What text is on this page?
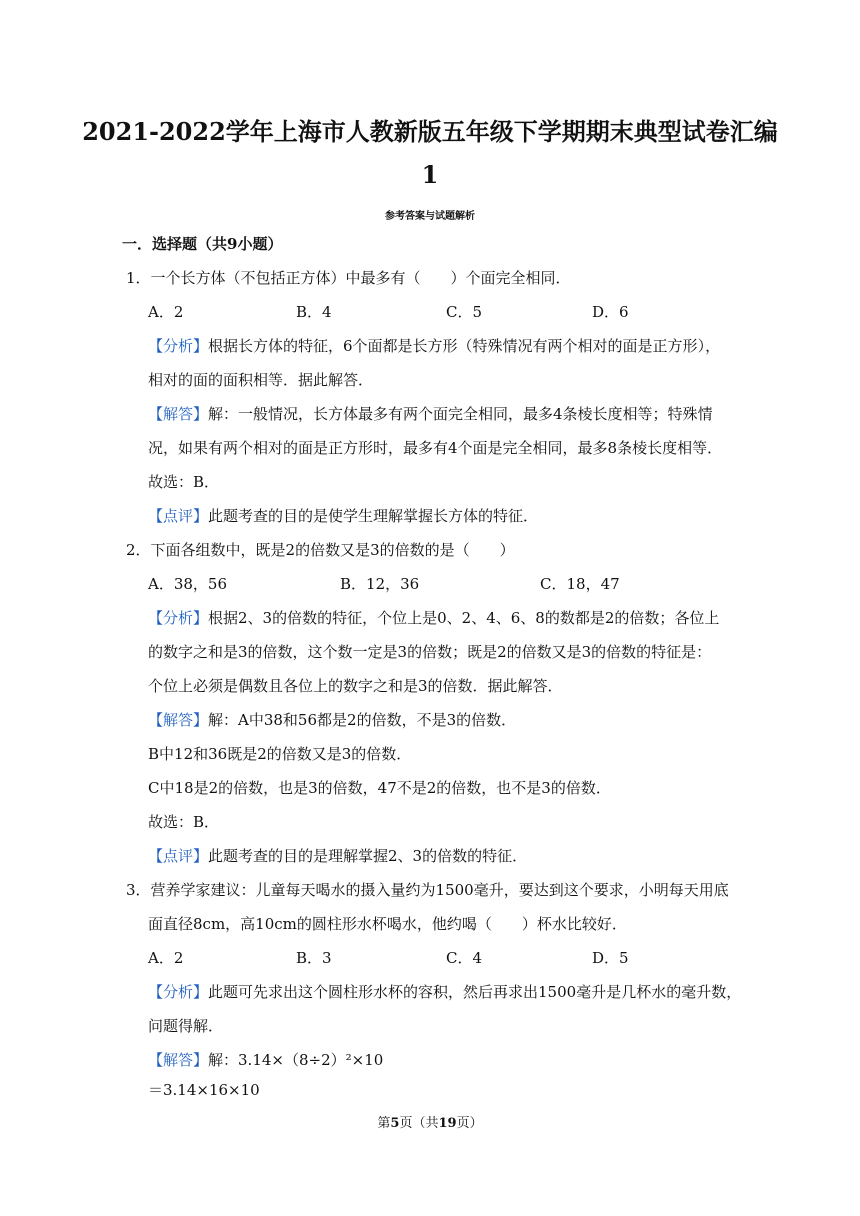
2021-2022学年上海市人教新版五年级下学期期末典型试卷汇编
1
参考答案与试题解析
一．选择题（共9小题）
1．一个长方体（不包括正方体）中最多有（　　）个面完全相同．
A．2	B．4	C．5	D．6
【分析】根据长方体的特征，6个面都是长方形（特殊情况有两个相对的面是正方形），
相对的面的面积相等．据此解答．
【解答】解：一般情况，长方体最多有两个面完全相同，最多4条棱长度相等；特殊情
况，如果有两个相对的面是正方形时，最多有4个面是完全相同，最多8条棱长度相等．
故选：B．
【点评】此题考查的目的是使学生理解掌握长方体的特征．
2．下面各组数中，既是2的倍数又是3的倍数的是（　　）
A．38，56	B．12，36	C．18，47
【分析】根据2、3的倍数的特征，个位上是0、2、4、6、8的数都是2的倍数；各位上
的数字之和是3的倍数，这个数一定是3的倍数；既是2的倍数又是3的倍数的特征是：
个位上必须是偶数且各位上的数字之和是3的倍数．据此解答．
【解答】解：A中38和56都是2的倍数，不是3的倍数．
B中12和36既是2的倍数又是3的倍数．
C中18是2的倍数，也是3的倍数，47不是2的倍数，也不是3的倍数．
故选：B．
【点评】此题考查的目的是理解掌握2、3的倍数的特征．
3．营养学家建议：儿童每天喝水的摄入量约为1500毫升，要达到这个要求，小明每天用底
面直径8cm，高10cm的圆柱形水杯喝水，他约喝（　　）杯水比较好．
A．2	B．3	C．4	D．5
【分析】此题可先求出这个圆柱形水杯的容积，然后再求出1500毫升是几杯水的毫升数，
问题得解．
【解答】解：3.14×（8÷2）²×10
＝3.14×16×10
第5页（共19页）
